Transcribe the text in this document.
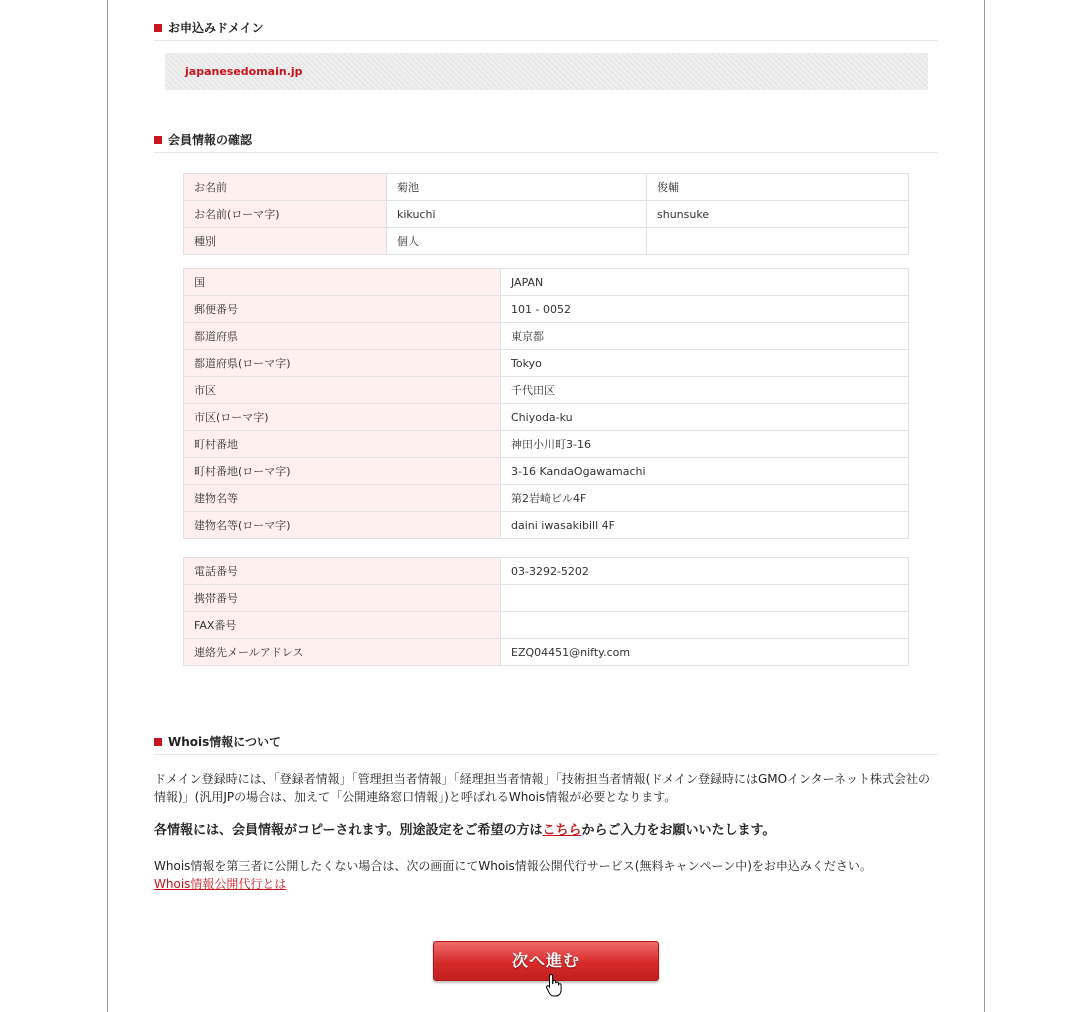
お申込みドメイン
japanesedomain.jp
会員情報の確認
お名前	菊池	俊輔
お名前(ローマ字)	kikuchi	shunsuke
種別	個人	
国	JAPAN
郵便番号	101 - 0052
都道府県	東京都
都道府県(ローマ字)	Tokyo
市区	千代田区
市区(ローマ字)	Chiyoda-ku
町村番地	神田小川町3-16
町村番地(ローマ字)	3-16 KandaOgawamachi
建物名等	第2岩崎ビル4F
建物名等(ローマ字)	daini iwasakibill 4F
電話番号	03-3292-5202
携帯番号	
FAX番号	
連絡先メールアドレス	EZQ04451@nifty.com
Whois情報について
ドメイン登録時には、「登録者情報」「管理担当者情報」「経理担当者情報」「技術担当者情報(ドメイン登録時にはGMOインターネット株式会社の
情報)」(汎用JPの場合は、加えて「公開連絡窓口情報」)と呼ばれるWhois情報が必要となります。
各情報には、会員情報がコピーされます。別途設定をご希望の方はこちらからご入力をお願いいたします。
Whois情報を第三者に公開したくない場合は、次の画面にてWhois情報公開代行サービス(無料キャンペーン中)をお申込みください。
Whois情報公開代行とは
次へ進む
